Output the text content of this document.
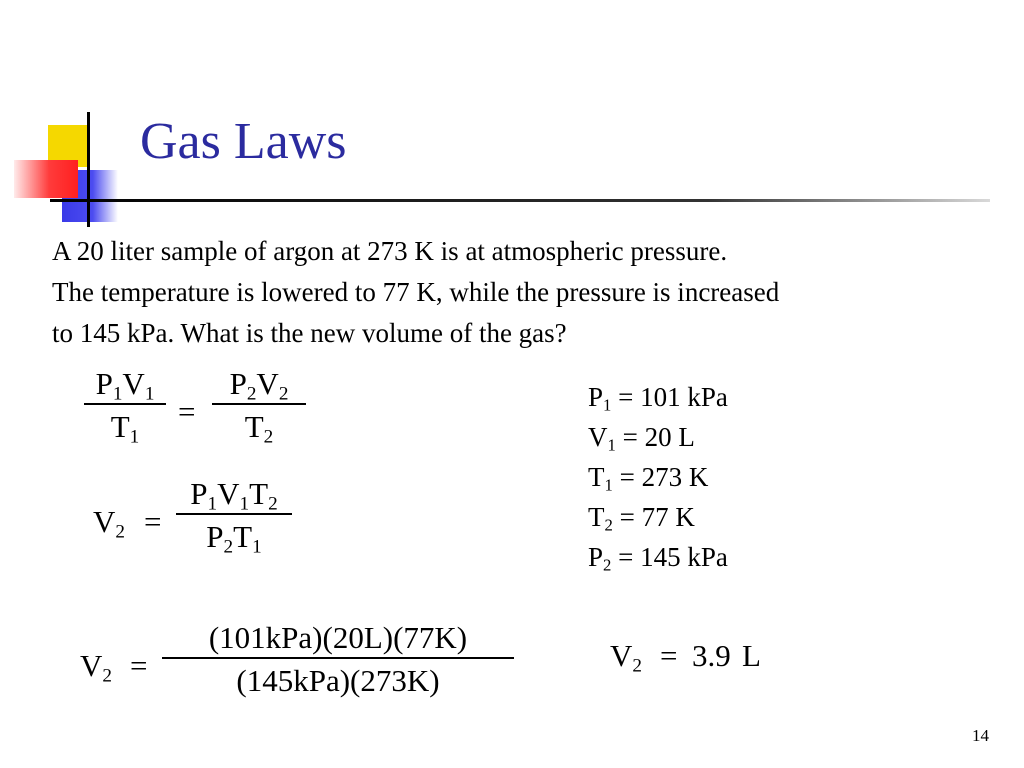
Gas Laws
A 20 liter sample of argon at 273 K is at atmospheric pressure.
The temperature is lowered to 77 K, while the pressure is increased
to 145 kPa. What is the new volume of the gas?
$\frac{P_1V_1}{T_1} = \frac{P_2V_2}{T_2}$
$V_2 = \frac{P_1V_1T_2}{P_2T_1}$
$P_1 = 101$ kPa
$V_1 = 20$ L
$T_1 = 273$ K
$T_2 = 77$ K
$P_2 = 145$ kPa
$V_2$ =
(101kPa)(20L)(77K)
(145kPa)(273K)
$V_2 = 3.9$ L
14
